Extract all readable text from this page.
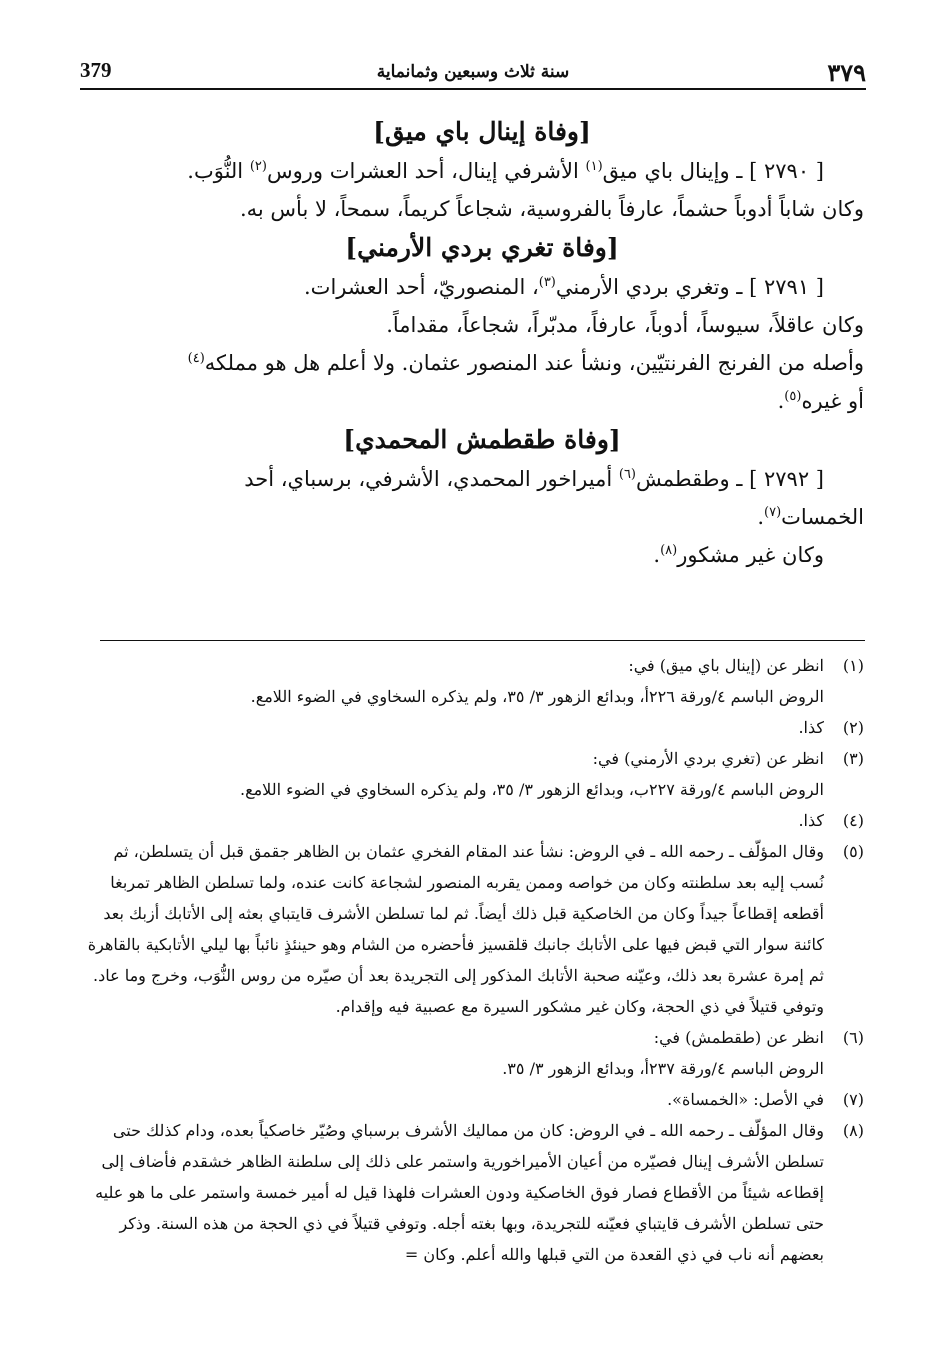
٣٧٩
سنة ثلاث وسبعين وثمانماية
379
[وفاة إينال باي ميق]

[ ٢٧٩٠ ] ـ وإينال باي ميق$^{(١)}$ الأشرفي إينال، أحد العشرات وروس$^{(٢)}$ النُّوَب.

وكان شاباً أدوباً حشماً، عارفاً بالفروسية، شجاعاً كريماً، سمحاً، لا بأس به.

[وفاة تغري بردي الأرمني]

[ ٢٧٩١ ] ـ وتغري بردي الأرمني$^{(٣)}$، المنصوريّ، أحد العشرات.

وكان عاقلاً، سيوساً، أدوباً، عارفاً، مدبّراً، شجاعاً، مقداماً.

وأصله من الفرنج الفرنتيّين، ونشأ عند المنصور عثمان. ولا أعلم هل هو مملكه$^{(٤)}$

أو غيره$^{(٥)}$.

[وفاة طقطمش المحمدي]

[ ٢٧٩٢ ] ـ وطقطمش$^{(٦)}$ أميراخور المحمدي، الأشرفي، برسباي، أحد

الخمسات$^{(٧)}$.

وكان غير مشكور$^{(٨)}$.

(١)
انظر عن (إينال باي ميق) في:
الروض الباسم ٤/ورقة ٢٢٦أ، وبدائع الزهور ٣/ ٣٥، ولم يذكره السخاوي في الضوء اللامع.
(٢)
كذا.
(٣)
انظر عن (تغري بردي الأرمني) في:
الروض الباسم ٤/ورقة ٢٢٧ب، وبدائع الزهور ٣/ ٣٥، ولم يذكره السخاوي في الضوء اللامع.
(٤)
كذا.
(٥)
وقال المؤلّف ـ رحمه الله ـ في الروض: نشأ عند المقام الفخري عثمان بن الظاهر جقمق قبل أن يتسلطن، ثم نُسب إليه بعد سلطنته وكان من خواصه وممن يقربه المنصور لشجاعة كانت عنده، ولما تسلطن الظاهر تمربغا أقطعه إقطاعاً جيداً وكان من الخاصكية قبل ذلك أيضاً. ثم لما تسلطن الأشرف قايتباي بعثه إلى الأتابك أزبك بعد كائنة سوار التي قبض فيها على الأتابك جانبك قلقسيز فأحضره من الشام وهو حينئذٍ نائباً بها ليلي الأتابكية بالقاهرة ثم إمرة عشرة بعد ذلك، وعيّنه صحبة الأتابك المذكور إلى التجريدة بعد أن صيّره من روس النُّوَب، وخرج وما عاد. وتوفي قتيلاً في ذي الحجة، وكان غير مشكور السيرة مع عصبية فيه وإقدام.
(٦)
انظر عن (طقطمش) في:
الروض الباسم ٤/ورقة ٢٣٧أ، وبدائع الزهور ٣/ ٣٥.
(٧)
في الأصل: «الخمساة».
(٨)
وقال المؤلّف ـ رحمه الله ـ في الروض: كان من مماليك الأشرف برسباي وصُيّر خاصكياً بعده، ودام كذلك حتى تسلطن الأشرف إينال فصيّره من أعيان الأميراخورية واستمر على ذلك إلى سلطنة الظاهر خشقدم فأضاف إلى إقطاعه شيئاً من الأقطاع فصار فوق الخاصكية ودون العشرات فلهذا قيل له أمير خمسة واستمر على ما هو عليه حتى تسلطن الأشرف قايتباي فعيّنه للتجريدة، وبها بغته أجله. وتوفي قتيلاً في ذي الحجة من هذه السنة. وذكر بعضهم أنه ناب في ذي القعدة من التي قبلها والله أعلم. وكان =
